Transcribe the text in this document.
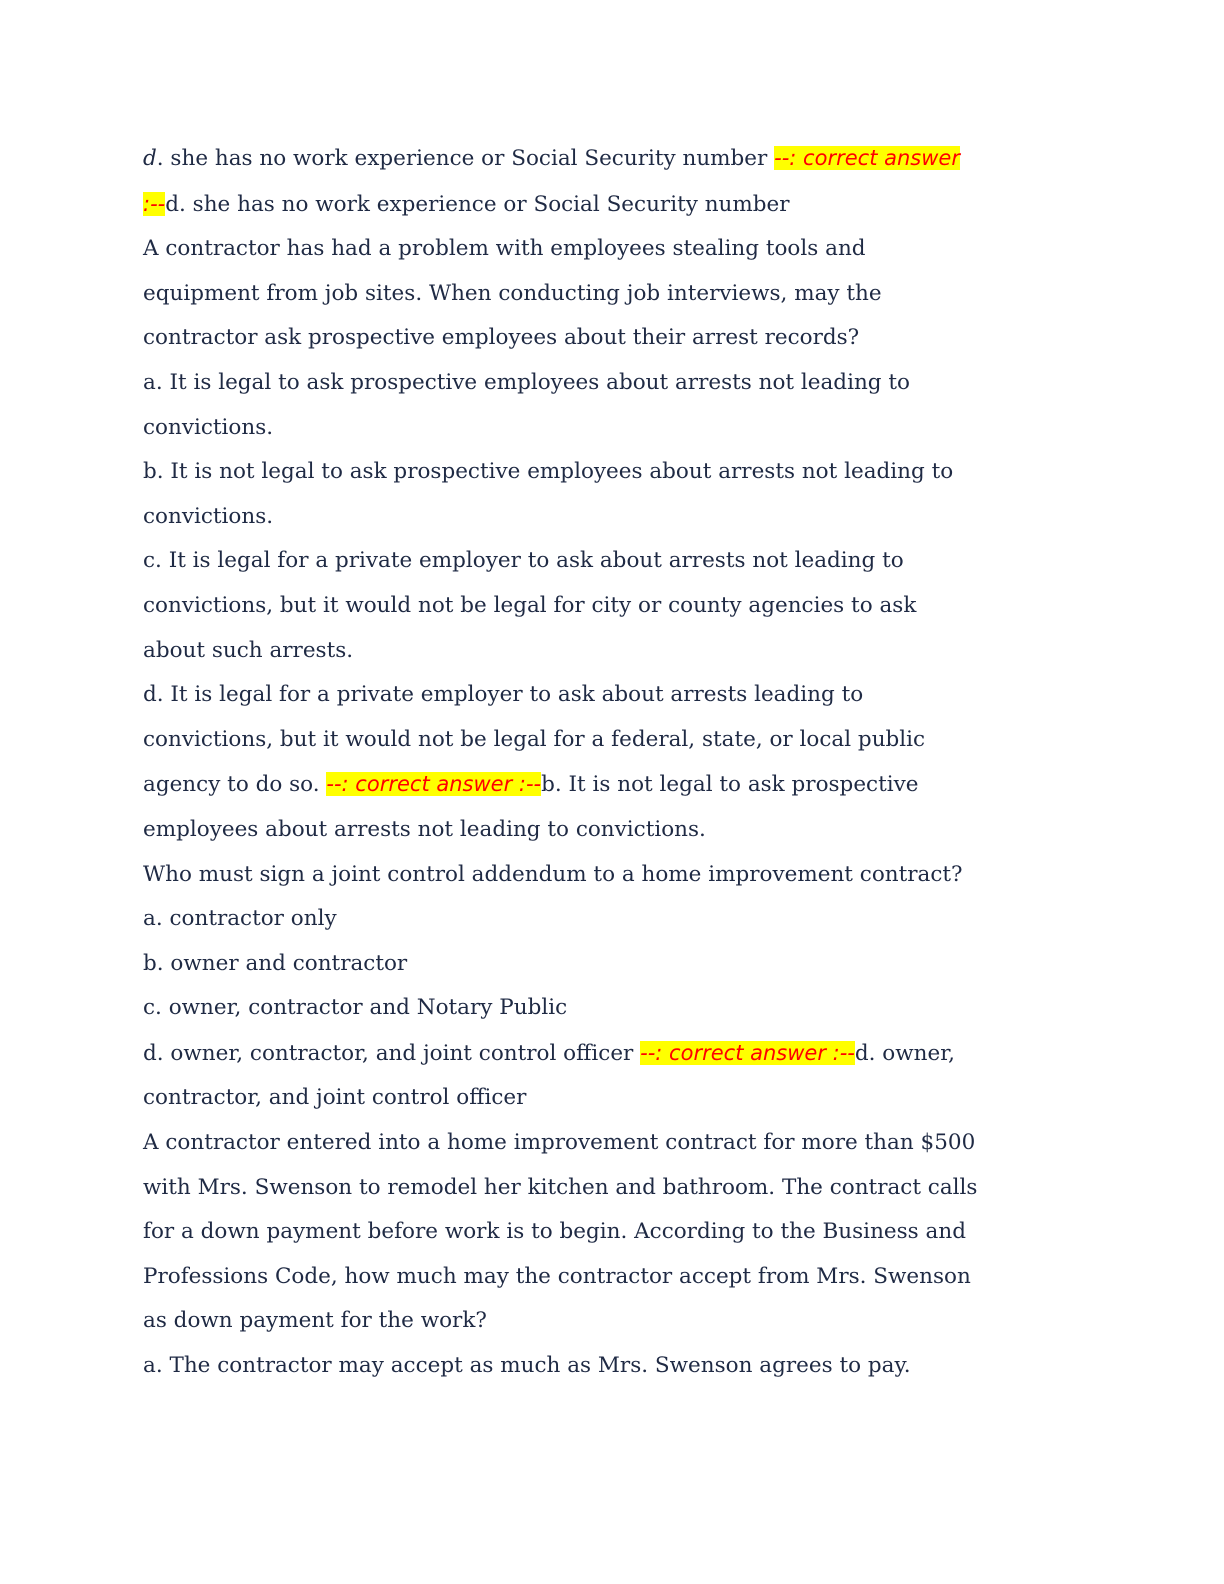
d. she has no work experience or Social Security number --: correct answer
:--d. she has no work experience or Social Security number
A contractor has had a problem with employees stealing tools and
equipment from job sites. When conducting job interviews, may the
contractor ask prospective employees about their arrest records?
a. It is legal to ask prospective employees about arrests not leading to
convictions.
b. It is not legal to ask prospective employees about arrests not leading to
convictions.
c. It is legal for a private employer to ask about arrests not leading to
convictions, but it would not be legal for city or county agencies to ask
about such arrests.
d. It is legal for a private employer to ask about arrests leading to
convictions, but it would not be legal for a federal, state, or local public
agency to do so. --: correct answer :--b. It is not legal to ask prospective
employees about arrests not leading to convictions.
Who must sign a joint control addendum to a home improvement contract?
a. contractor only
b. owner and contractor
c. owner, contractor and Notary Public
d. owner, contractor, and joint control officer --: correct answer :--d. owner,
contractor, and joint control officer
A contractor entered into a home improvement contract for more than $500
with Mrs. Swenson to remodel her kitchen and bathroom. The contract calls
for a down payment before work is to begin. According to the Business and
Professions Code, how much may the contractor accept from Mrs. Swenson
as down payment for the work?
a. The contractor may accept as much as Mrs. Swenson agrees to pay.
